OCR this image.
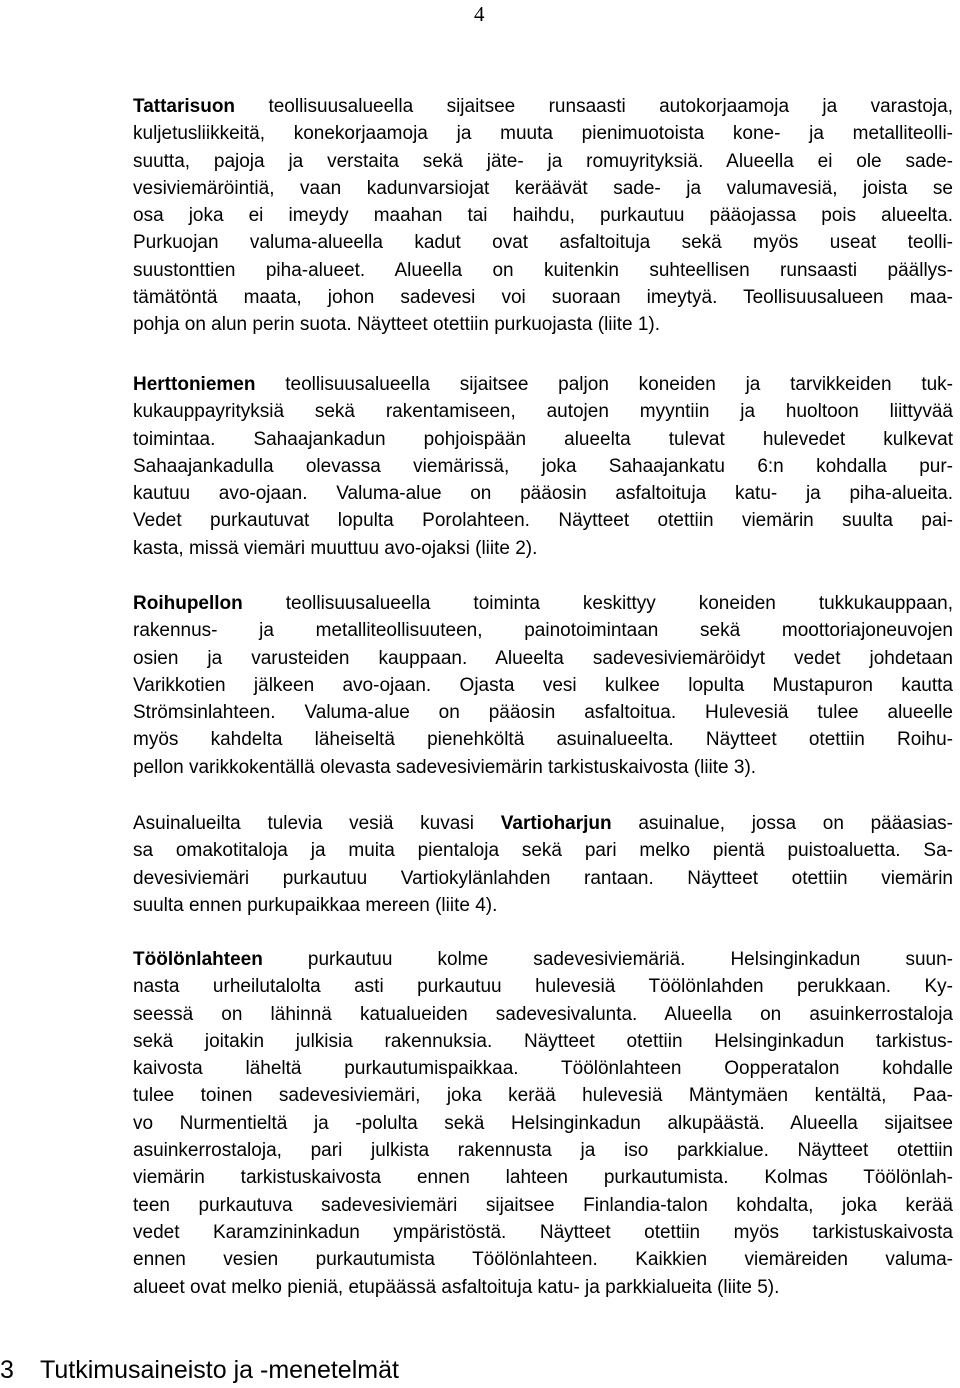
4
Tattarisuon teollisuusalueella sijaitsee runsaasti autokorjaamoja ja varastoja,
kuljetusliikkeitä, konekorjaamoja ja muuta pienimuotoista kone- ja metalliteolli-
suutta, pajoja ja verstaita sekä jäte- ja romuyrityksiä. Alueella ei ole sade-
vesiviemäröintiä, vaan kadunvarsiojat keräävät sade- ja valumavesiä, joista se
osa joka ei imeydy maahan tai haihdu, purkautuu pääojassa pois alueelta.
Purkuojan valuma-alueella kadut ovat asfaltoituja sekä myös useat teolli-
suustonttien piha-alueet. Alueella on kuitenkin suhteellisen runsaasti päällys-
tämätöntä maata, johon sadevesi voi suoraan imeytyä. Teollisuusalueen maa-
pohja on alun perin suota. Näytteet otettiin purkuojasta (liite 1).
Herttoniemen teollisuusalueella sijaitsee paljon koneiden ja tarvikkeiden tuk-
kukauppayrityksiä sekä rakentamiseen, autojen myyntiin ja huoltoon liittyvää
toimintaa. Sahaajankadun pohjoispään alueelta tulevat hulevedet kulkevat
Sahaajankadulla olevassa viemärissä, joka Sahaajankatu 6:n kohdalla pur-
kautuu avo-ojaan. Valuma-alue on pääosin asfaltoituja katu- ja piha-alueita.
Vedet purkautuvat lopulta Porolahteen. Näytteet otettiin viemärin suulta pai-
kasta, missä viemäri muuttuu avo-ojaksi (liite 2).
Roihupellon teollisuusalueella toiminta keskittyy koneiden tukkukauppaan,
rakennus- ja metalliteollisuuteen, painotoimintaan sekä moottoriajoneuvojen
osien ja varusteiden kauppaan. Alueelta sadevesiviemäröidyt vedet johdetaan
Varikkotien jälkeen avo-ojaan. Ojasta vesi kulkee lopulta Mustapuron kautta
Strömsinlahteen. Valuma-alue on pääosin asfaltoitua. Hulevesiä tulee alueelle
myös kahdelta läheiseltä pienehköltä asuinalueelta. Näytteet otettiin Roihu-
pellon varikkokentällä olevasta sadevesiviemärin tarkistuskaivosta (liite 3).
Asuinalueilta tulevia vesiä kuvasi Vartioharjun asuinalue, jossa on pääasias-
sa omakotitaloja ja muita pientaloja sekä pari melko pientä puistoaluetta. Sa-
devesiviemäri purkautuu Vartiokylänlahden rantaan. Näytteet otettiin viemärin
suulta ennen purkupaikkaa mereen (liite 4).
Töölönlahteen purkautuu kolme sadevesiviemäriä. Helsinginkadun suun-
nasta urheilutalolta asti purkautuu hulevesiä Töölönlahden perukkaan. Ky-
seessä on lähinnä katualueiden sadevesivalunta. Alueella on asuinkerrostaloja
sekä joitakin julkisia rakennuksia. Näytteet otettiin Helsinginkadun tarkistus-
kaivosta läheltä purkautumispaikkaa. Töölönlahteen Oopperatalon kohdalle
tulee toinen sadevesiviemäri, joka kerää hulevesiä Mäntymäen kentältä, Paa-
vo Nurmentieltä ja -polulta sekä Helsinginkadun alkupäästä. Alueella sijaitsee
asuinkerrostaloja, pari julkista rakennusta ja iso parkkialue. Näytteet otettiin
viemärin tarkistuskaivosta ennen lahteen purkautumista. Kolmas Töölönlah-
teen purkautuva sadevesiviemäri sijaitsee Finlandia-talon kohdalta, joka kerää
vedet Karamzininkadun ympäristöstä. Näytteet otettiin myös tarkistuskaivosta
ennen vesien purkautumista Töölönlahteen. Kaikkien viemäreiden valuma-
alueet ovat melko pieniä, etupäässä asfaltoituja katu- ja parkkialueita (liite 5).
3 Tutkimusaineisto ja -menetelmät
